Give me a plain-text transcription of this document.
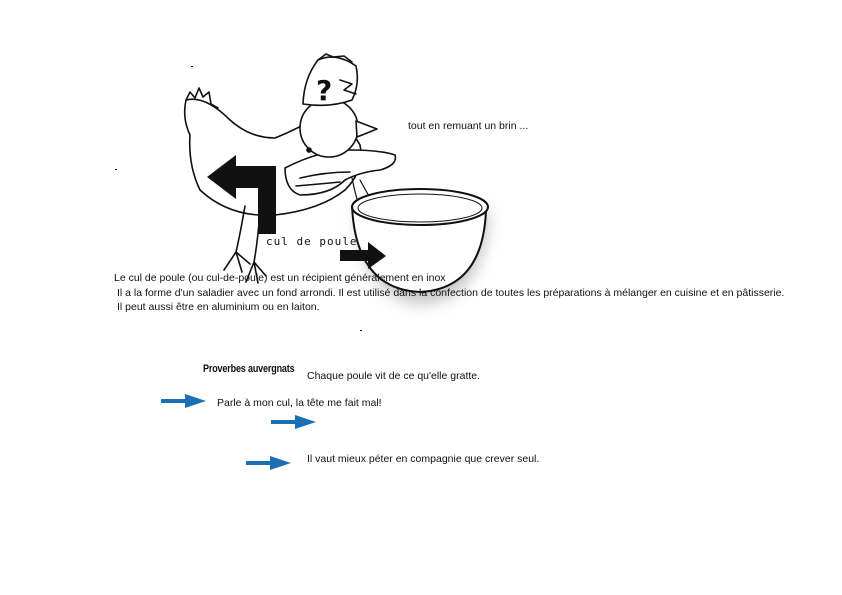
?
tout en remuant un brin ...
cul de poule
Le cul de poule (ou cul-de-poule) est un récipient généralement en inox
Il a la forme d'un saladier avec un fond arrondi. Il est utilisé dans la confection de toutes les préparations à mélanger en cuisine et en pâtisserie.
Il peut aussi être en aluminium ou en laiton.
Proverbes auvergnats
Chaque poule vit de ce qu'elle gratte.
Parle à mon cul, la tête me fait mal!
Il vaut mieux péter en compagnie que crever seul.
